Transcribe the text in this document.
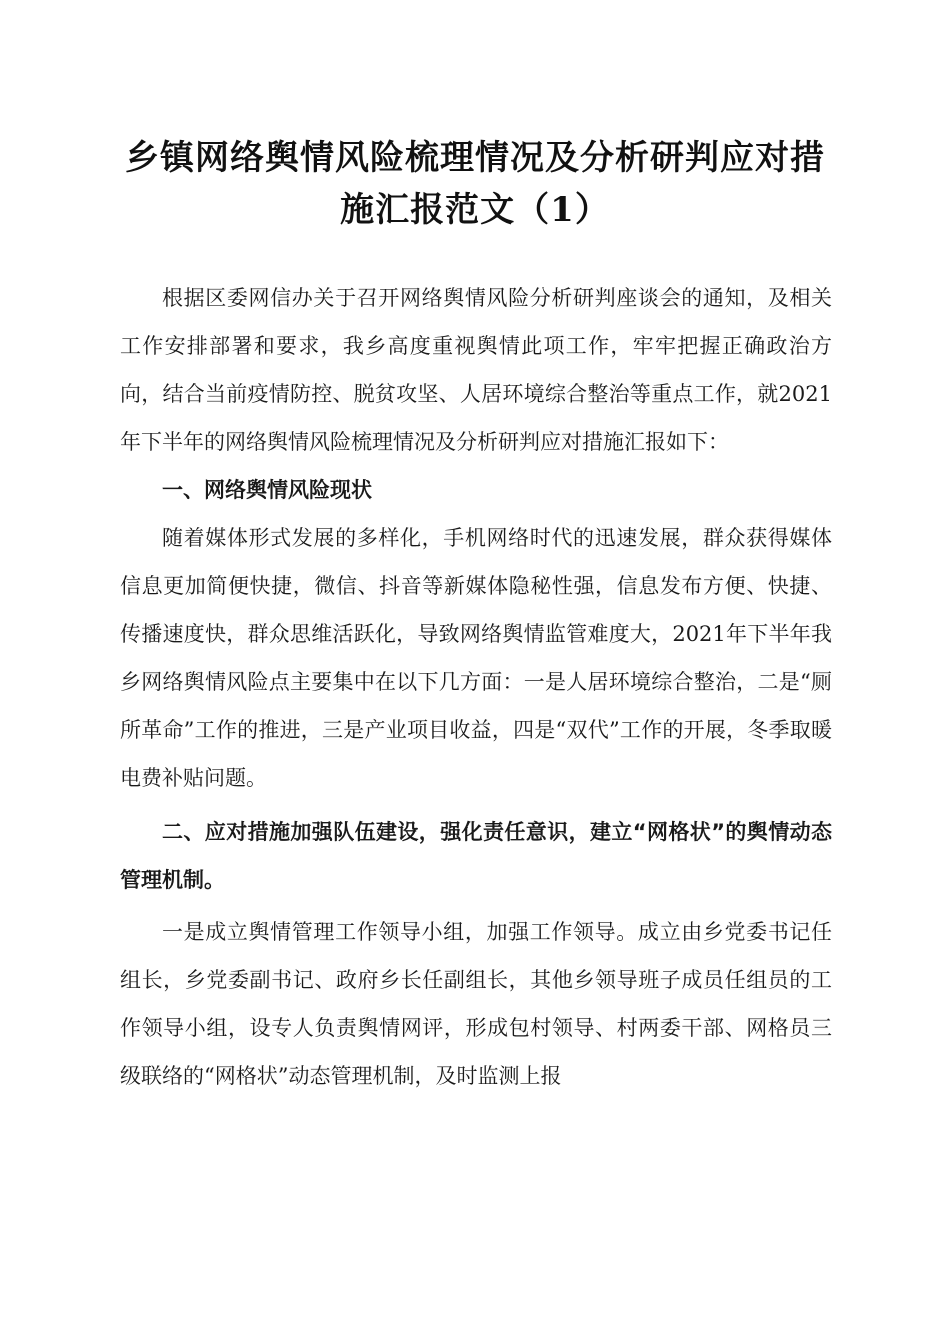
乡镇网络舆情风险梳理情况及分析研判应对措
施汇报范文（1）

根据区委网信办关于召开网络舆情风险分析研判座谈会的通知，及相关工作安排部署和要求，我乡高度重视舆情此项工作，牢牢把握正确政治方向，结合当前疫情防控、脱贫攻坚、人居环境综合整治等重点工作，就2021年下半年的网络舆情风险梳理情况及分析研判应对措施汇报如下：

一、网络舆情风险现状

随着媒体形式发展的多样化，手机网络时代的迅速发展，群众获得媒体信息更加简便快捷，微信、抖音等新媒体隐秘性强，信息发布方便、快捷、传播速度快，群众思维活跃化，导致网络舆情监管难度大，2021年下半年我乡网络舆情风险点主要集中在以下几方面：一是人居环境综合整治，二是“厕所革命”工作的推进，三是产业项目收益，四是“双代”工作的开展，冬季取暖电费补贴问题。

二、应对措施加强队伍建设，强化责任意识，建立“网格状”的舆情动态管理机制。

一是成立舆情管理工作领导小组，加强工作领导。成立由乡党委书记任组长，乡党委副书记、政府乡长任副组长，其他乡领导班子成员任组员的工作领导小组，设专人负责舆情网评，形成包村领导、村两委干部、网格员三级联络的“网格状”动态管理机制，及时监测上报
